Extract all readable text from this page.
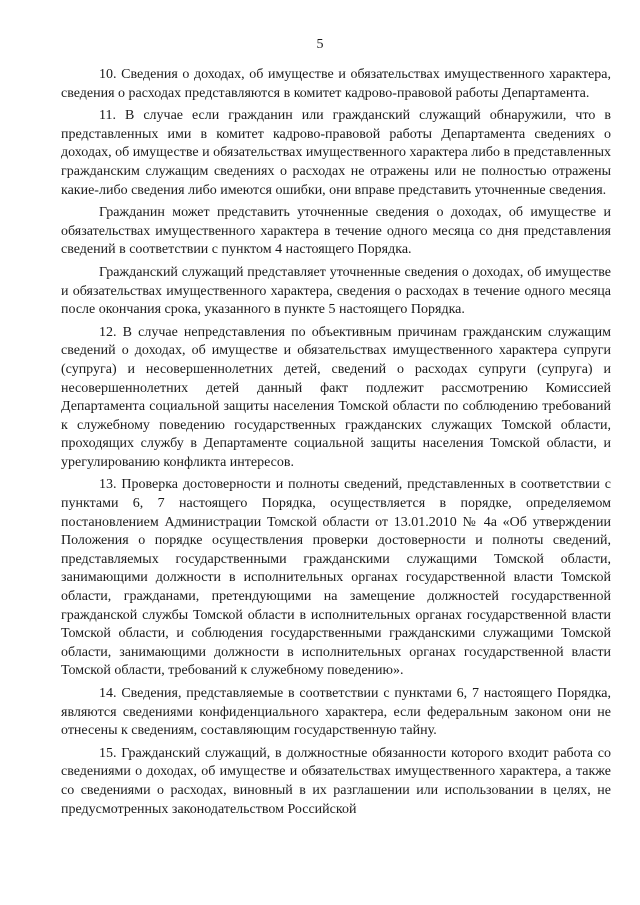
5

10. Сведения о доходах, об имуществе и обязательствах имущественного характера, сведения о расходах представляются в комитет кадрово-правовой работы Департамента.

11. В случае если гражданин или гражданский служащий обнаружили, что в представленных ими в комитет кадрово-правовой работы Департамента сведениях о доходах, об имуществе и обязательствах имущественного характера либо в представленных гражданским служащим сведениях о расходах не отражены или не полностью отражены какие-либо сведения либо имеются ошибки, они вправе представить уточненные сведения.

Гражданин может представить уточненные сведения о доходах, об имуществе и обязательствах имущественного характера в течение одного месяца со дня представления сведений в соответствии с пунктом 4 настоящего Порядка.

Гражданский служащий представляет уточненные сведения о доходах, об имуществе и обязательствах имущественного характера, сведения о расходах в течение одного месяца после окончания срока, указанного в пункте 5 настоящего Порядка.

12. В случае непредставления по объективным причинам гражданским служащим сведений о доходах, об имуществе и обязательствах имущественного характера супруги (супруга) и несовершеннолетних детей, сведений о расходах супруги (супруга) и несовершеннолетних детей данный факт подлежит рассмотрению Комиссией Департамента социальной защиты населения Томской области по соблюдению требований к служебному поведению государственных гражданских служащих Томской области, проходящих службу в Департаменте социальной защиты населения Томской области, и урегулированию конфликта интересов.

13. Проверка достоверности и полноты сведений, представленных в соответствии с пунктами 6, 7 настоящего Порядка, осуществляется в порядке, определяемом постановлением Администрации Томской области от 13.01.2010 № 4а «Об утверждении Положения о порядке осуществления проверки достоверности и полноты сведений, представляемых государственными гражданскими служащими Томской области, занимающими должности в исполнительных органах государственной власти Томской области, гражданами, претендующими на замещение должностей государственной гражданской службы Томской области в исполнительных органах государственной власти Томской области, и соблюдения государственными гражданскими служащими Томской области, занимающими должности в исполнительных органах государственной власти Томской области, требований к служебному поведению».

14. Сведения, представляемые в соответствии с пунктами 6, 7 настоящего Порядка, являются сведениями конфиденциального характера, если федеральным законом они не отнесены к сведениям, составляющим государственную тайну.

15. Гражданский служащий, в должностные обязанности которого входит работа со сведениями о доходах, об имуществе и обязательствах имущественного характера, а также со сведениями о расходах, виновный в их разглашении или использовании в целях, не предусмотренных законодательством Российской
